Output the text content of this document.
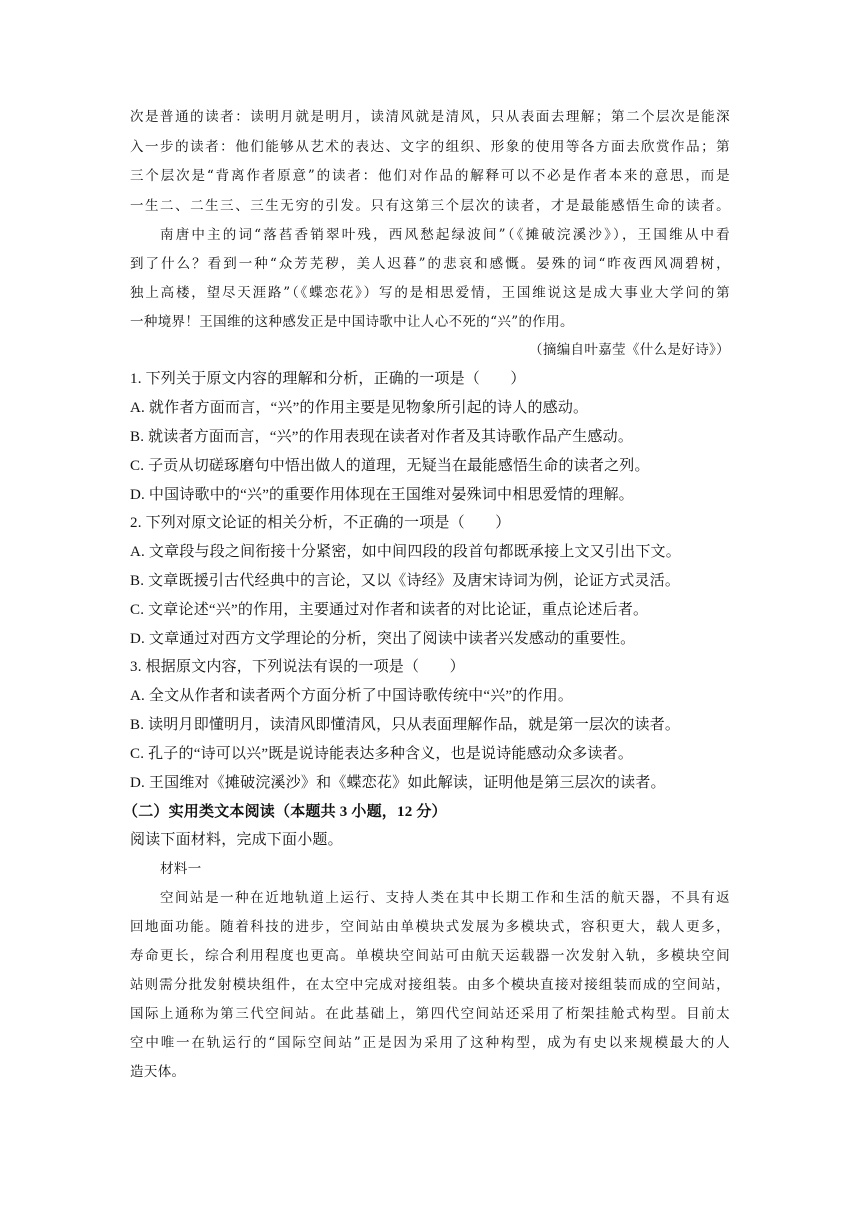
次是普通的读者：读明月就是明月，读清风就是清风，只从表面去理解；第二个层次是能深
入一步的读者：他们能够从艺术的表达、文字的组织、形象的使用等各方面去欣赏作品；第
三个层次是“背离作者原意”的读者：他们对作品的解释可以不必是作者本来的意思，而是
一生二、二生三、三生无穷的引发。只有这第三个层次的读者，才是最能感悟生命的读者。
南唐中主的词“落萏香销翠叶残，西风愁起绿波间”（《摊破浣溪沙》），王国维从中看
到了什么？看到一种“众芳芜秽，美人迟暮”的悲哀和感慨。晏殊的词“昨夜西风凋碧树，
独上高楼，望尽天涯路”（《蝶恋花》）写的是相思爱情，王国维说这是成大事业大学问的第
一种境界！王国维的这种感发正是中国诗歌中让人心不死的“兴”的作用。
（摘编自叶嘉莹《什么是好诗》）
1. 下列关于原文内容的理解和分析，正确的一项是（　　）
A. 就作者方面而言，“兴”的作用主要是见物象所引起的诗人的感动。
B. 就读者方面而言，“兴”的作用表现在读者对作者及其诗歌作品产生感动。
C. 子贡从切磋琢磨句中悟出做人的道理，无疑当在最能感悟生命的读者之列。
D. 中国诗歌中的“兴”的重要作用体现在王国维对晏殊词中相思爱情的理解。
2. 下列对原文论证的相关分析，不正确的一项是（　　）
A. 文章段与段之间衔接十分紧密，如中间四段的段首句都既承接上文又引出下文。
B. 文章既援引古代经典中的言论，又以《诗经》及唐宋诗词为例，论证方式灵活。
C. 文章论述“兴”的作用，主要通过对作者和读者的对比论证，重点论述后者。
D. 文章通过对西方文学理论的分析，突出了阅读中读者兴发感动的重要性。
3. 根据原文内容，下列说法有误的一项是（　　）
A. 全文从作者和读者两个方面分析了中国诗歌传统中“兴”的作用。
B. 读明月即懂明月，读清风即懂清风，只从表面理解作品，就是第一层次的读者。
C. 孔子的“诗可以兴”既是说诗能表达多种含义，也是说诗能感动众多读者。
D. 王国维对《摊破浣溪沙》和《蝶恋花》如此解读，证明他是第三层次的读者。
（二）实用类文本阅读（本题共 3 小题，12 分）
阅读下面材料，完成下面小题。
材料一
空间站是一种在近地轨道上运行、支持人类在其中长期工作和生活的航天器，不具有返
回地面功能。随着科技的进步，空间站由单模块式发展为多模块式，容积更大，载人更多，
寿命更长，综合利用程度也更高。单模块空间站可由航天运载器一次发射入轨，多模块空间
站则需分批发射模块组件，在太空中完成对接组装。由多个模块直接对接组装而成的空间站，
国际上通称为第三代空间站。在此基础上，第四代空间站还采用了桁架挂舱式构型。目前太
空中唯一在轨运行的“国际空间站”正是因为采用了这种构型，成为有史以来规模最大的人
造天体。
